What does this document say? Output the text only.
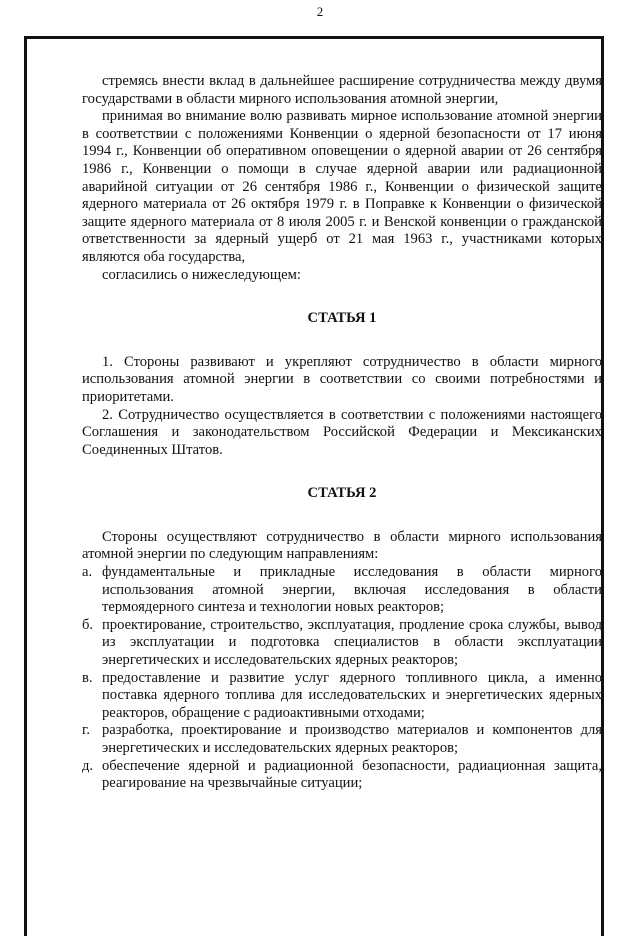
2

стремясь внести вклад в дальнейшее расширение сотрудничества между двумя государствами в области мирного использования атомной энергии,

принимая во внимание волю развивать мирное использование атомной энергии в соответствии с положениями Конвенции о ядерной безопасности от 17 июня 1994 г., Конвенции об оперативном оповещении о ядерной аварии от 26 сентября 1986 г., Конвенции о помощи в случае ядерной аварии или радиационной аварийной ситуации от 26 сентября 1986 г., Конвенции о физической защите ядерного материала от 26 октября 1979 г. в Поправке к Конвенции о физической защите ядерного материала от 8 июля 2005 г. и Венской конвенции о гражданской ответственности за ядерный ущерб от 21 мая 1963 г., участниками которых являются оба государства,

согласились о нижеследующем:

СТАТЬЯ 1

1. Стороны развивают и укрепляют сотрудничество в области мирного использования атомной энергии в соответствии со своими потребностями и приоритетами.

2. Сотрудничество осуществляется в соответствии с положениями настоящего Соглашения и законодательством Российской Федерации и Мексиканских Соединенных Штатов.

СТАТЬЯ 2

Стороны осуществляют сотрудничество в области мирного использования атомной энергии по следующим направлениям:

а. фундаментальные и прикладные исследования в области мирного использования атомной энергии, включая исследования в области термоядерного синтеза и технологии новых реакторов;
б. проектирование, строительство, эксплуатация, продление срока службы, вывод из эксплуатации и подготовка специалистов в области эксплуатации энергетических и исследовательских ядерных реакторов;
в. предоставление и развитие услуг ядерного топливного цикла, а именно поставка ядерного топлива для исследовательских и энергетических ядерных реакторов, обращение с радиоактивными отходами;
г. разработка, проектирование и производство материалов и компонентов для энергетических и исследовательских ядерных реакторов;
д. обеспечение ядерной и радиационной безопасности, радиационная защита, реагирование на чрезвычайные ситуации;
